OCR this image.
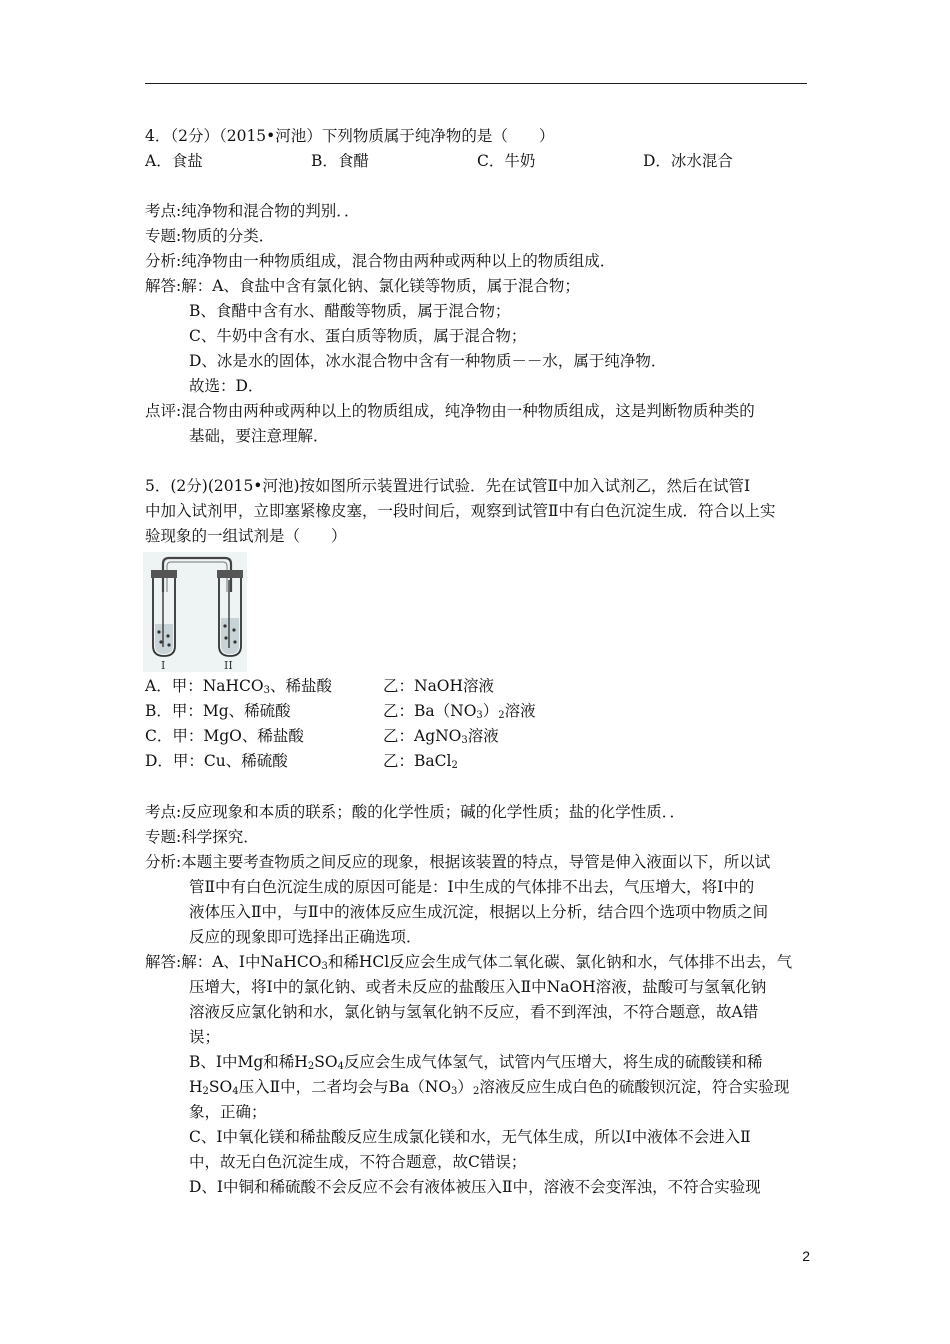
4．（2分）（2015•河池）下列物质属于纯净物的是（　　）
A．食盐	B．食醋	C．牛奶	D．冰水混合
考点:纯净物和混合物的判别．．
专题:物质的分类．
分析:纯净物由一种物质组成，混合物由两种或两种以上的物质组成．
解答:解：A、食盐中含有氯化钠、氯化镁等物质，属于混合物；
B、食醋中含有水、醋酸等物质，属于混合物；
C、牛奶中含有水、蛋白质等物质，属于混合物；
D、冰是水的固体，冰水混合物中含有一种物质－－水，属于纯净物．
故选：D．
点评:混合物由两种或两种以上的物质组成，纯净物由一种物质组成，这是判断物质种类的
基础，要注意理解．
5．(2分)(2015•河池)按如图所示装置进行试验．先在试管Ⅱ中加入试剂乙，然后在试管Ⅰ
中加入试剂甲，立即塞紧橡皮塞，一段时间后，观察到试管Ⅱ中有白色沉淀生成．符合以上实
验现象的一组试剂是（　　）
I	II
A．甲：NaHCO$_3$、稀盐酸	乙：NaOH溶液
B．甲：Mg、稀硫酸	乙：$Ba(NO_3)_2$溶液
C．甲：MgO、稀盐酸	乙：AgNO$_3$溶液
D．甲：Cu、稀硫酸	乙：BaCl$_2$
考点:反应现象和本质的联系；酸的化学性质；碱的化学性质；盐的化学性质．．
专题:科学探究．
分析:本题主要考查物质之间反应的现象，根据该装置的特点，导管是伸入液面以下，所以试
管Ⅱ中有白色沉淀生成的原因可能是：Ⅰ中生成的气体排不出去，气压增大，将Ⅰ中的
液体压入Ⅱ中，与Ⅱ中的液体反应生成沉淀，根据以上分析，结合四个选项中物质之间
反应的现象即可选择出正确选项．
解答:解：A、Ⅰ中NaHCO$_3$和稀HCl反应会生成气体二氧化碳、氯化钠和水，气体排不出去，气
压增大，将Ⅰ中的氯化钠、或者未反应的盐酸压入Ⅱ中NaOH溶液，盐酸可与氢氧化钠
溶液反应氯化钠和水，氯化钠与氢氧化钠不反应，看不到浑浊，不符合题意，故A错
误；
B、Ⅰ中Mg和稀$H_2SO_4$反应会生成气体氢气，试管内气压增大，将生成的硫酸镁和稀
$H_2SO_4$压入Ⅱ中，二者均会与$Ba(NO_3)_2$溶液反应生成白色的硫酸钡沉淀，符合实验现
象，正确；
C、Ⅰ中氧化镁和稀盐酸反应生成氯化镁和水，无气体生成，所以Ⅰ中液体不会进入Ⅱ
中，故无白色沉淀生成，不符合题意，故C错误；
D、Ⅰ中铜和稀硫酸不会反应不会有液体被压入Ⅱ中，溶液不会变浑浊，不符合实验现
2
